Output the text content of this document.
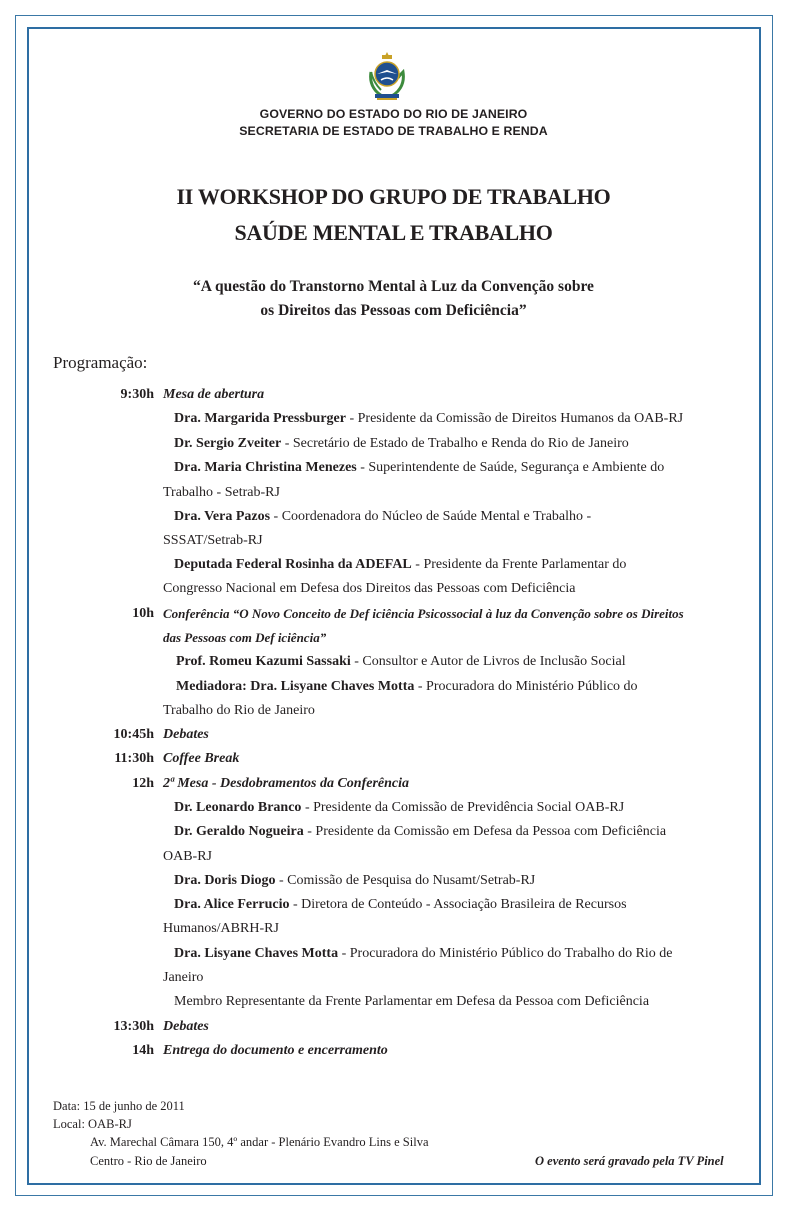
GOVERNO DO ESTADO DO RIO DE JANEIRO
SECRETARIA DE ESTADO DE TRABALHO E RENDA
II WORKSHOP DO GRUPO DE TRABALHO
SAÚDE MENTAL E TRABALHO
“A questão do Transtorno Mental à Luz da Convenção sobre
os Direitos das Pessoas com Deficiência”
Programação:
9:30h Mesa de abertura
Dra. Margarida Pressburger - Presidente da Comissão de Direitos Humanos da OAB-RJ
Dr. Sergio Zveiter - Secretário de Estado de Trabalho e Renda do Rio de Janeiro
Dra. Maria Christina Menezes - Superintendente de Saúde, Segurança e Ambiente do
Trabalho - Setrab-RJ
Dra. Vera Pazos - Coordenadora do Núcleo de Saúde Mental e Trabalho -
SSSAT/Setrab-RJ
Deputada Federal Rosinha da ADEFAL - Presidente da Frente Parlamentar do
Congresso Nacional em Defesa dos Direitos das Pessoas com Deficiência
10h Conferência “O Novo Conceito de Def iciência Psicossocial à luz da Convenção sobre os Direitos
das Pessoas com Def iciência”
Prof. Romeu Kazumi Sassaki - Consultor e Autor de Livros de Inclusão Social
Mediadora: Dra. Lisyane Chaves Motta - Procuradora do Ministério Público do
Trabalho do Rio de Janeiro
10:45h Debates
11:30h Coffee Break
12h 2ª Mesa - Desdobramentos da Conferência
Dr. Leonardo Branco - Presidente da Comissão de Previdência Social OAB-RJ
Dr. Geraldo Nogueira - Presidente da Comissão em Defesa da Pessoa com Deficiência
OAB-RJ
Dra. Doris Diogo - Comissão de Pesquisa do Nusamt/Setrab-RJ
Dra. Alice Ferrucio - Diretora de Conteúdo - Associação Brasileira de Recursos
Humanos/ABRH-RJ
Dra. Lisyane Chaves Motta - Procuradora do Ministério Público do Trabalho do Rio de
Janeiro
Membro Representante da Frente Parlamentar em Defesa da Pessoa com Deficiência
13:30h Debates
14h Entrega do documento e encerramento
Data: 15 de junho de 2011
Local: OAB-RJ
Av. Marechal Câmara 150, 4º andar - Plenário Evandro Lins e Silva
Centro - Rio de Janeiro	O evento será gravado pela TV Pinel
